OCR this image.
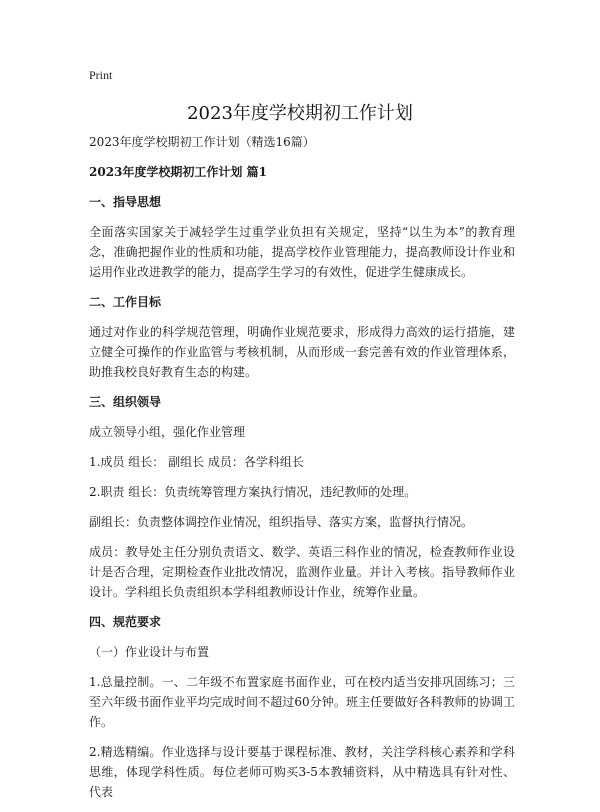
Print
2023年度学校期初工作计划

2023年度学校期初工作计划（精选16篇）

2023年度学校期初工作计划 篇1

一、指导思想

全面落实国家关于减轻学生过重学业负担有关规定，坚持“以生为本”的教育理念，准确把握作业的性质和功能，提高学校作业管理能力，提高教师设计作业和运用作业改进教学的能力，提高学生学习的有效性，促进学生健康成长。

二、工作目标

通过对作业的科学规范管理，明确作业规范要求，形成得力高效的运行措施，建立健全可操作的作业监管与考核机制，从而形成一套完善有效的作业管理体系，助推我校良好教育生态的构建。

三、组织领导

成立领导小组，强化作业管理

1.成员 组长： 副组长 成员：各学科组长

2.职责 组长：负责统筹管理方案执行情况，违纪教师的处理。

副组长：负责整体调控作业情况，组织指导、落实方案，监督执行情况。

成员：教导处主任分别负责语文、数学、英语三科作业的情况，检查教师作业设计是否合理，定期检查作业批改情况，监测作业量。并计入考核。指导教师作业设计。学科组长负责组织本学科组教师设计作业，统筹作业量。

四、规范要求

（一）作业设计与布置

1.总量控制。一、二年级不布置家庭书面作业，可在校内适当安排巩固练习；三至六年级书面作业平均完成时间不超过60分钟。班主任要做好各科教师的协调工作。

2.精选精编。作业选择与设计要基于课程标准、教材，关注学科核心素养和学科思维，体现学科性质。每位老师可购买3-5本教辅资料，从中精选具有针对性、代表
